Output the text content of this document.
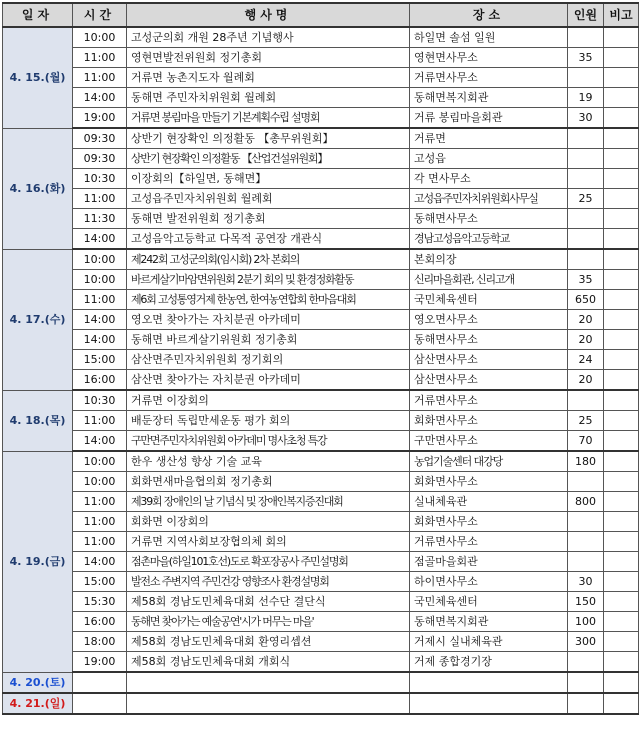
일자	시간	행사명	장소	인원	비고
4. 15.(월)	10:00	고성군의회 개원 28주년 기념행사	하일면 솔섬 일원		
	11:00	영현면발전위원회 정기총회	영현면사무소	35	
	11:00	거류면 농촌지도자 월례회	거류면사무소		
	14:00	동해면 주민자치위원회 월례회	동해면복지회관	19	
	19:00	거류면 봉림마을 만들기 기본계획수립 설명회	거류 봉림마을회관	30	
4. 16.(화)	09:30	상반기 현장확인 의정활동 【총무위원회】	거류면		
	09:30	상반기 현장확인 의정활동 【산업건설위원회】	고성읍		
	10:30	이장회의【하일면, 동해면】	각 면사무소		
	11:00	고성읍주민자치위원회 월례회	고성읍주민자치위원회사무실	25	
	11:30	동해면 발전위원회 정기총회	동해면사무소		
	14:00	고성음악고등학교 다목적 공연장 개관식	경남고성음악고등학교		
4. 17.(수)	10:00	제242회 고성군의회(임시회) 2차 본회의	본회의장		
	10:00	바르게살기마암면위원회 2분기 회의 및 환경정화활동	신리마을회관, 신리고개	35	
	11:00	제6회 고성통영거제 한농연, 한여농연합회 한마음대회	국민체육센터	650	
	14:00	영오면 찾아가는 자치분권 아카데미	영오면사무소	20	
	14:00	동해면 바르게살기위원회 정기총회	동해면사무소	20	
	15:00	삼산면주민자치위원회 정기회의	삼산면사무소	24	
	16:00	삼산면 찾아가는 자치분권 아카데미	삼산면사무소	20	
4. 18.(목)	10:30	거류면 이장회의	거류면사무소		
	11:00	배둔장터 독립만세운동 평가 회의	회화면사무소	25	
	14:00	구만면주민자치위원회 아카데미 명사초청 특강	구만면사무소	70	
4. 19.(금)	10:00	한우 생산성 향상 기술 교육	농업기술센터 대강당	180	
	10:00	회화면새마을협의회 정기총회	회화면사무소		
	11:00	제39회 장애인의 날 기념식 및 장애인복지증진대회	실내체육관	800	
	11:00	회화면 이장회의	회화면사무소		
	11:00	거류면 지역사회보장협의체 회의	거류면사무소		
	14:00	점촌마을(하일101호선)도로 확포장공사 주민설명회	점골마을회관		
	15:00	발전소 주변지역 주민건강 영향조사 환경설명회	하이면사무소	30	
	15:30	제58회 경남도민체육대회 선수단 결단식	국민체육센터	150	
	16:00	동해면 찾아가는 예술공연'시가 머무는 마을'	동해면복지회관	100	
	18:00	제58회 경남도민체육대회 환영리셉션	거제시 실내체육관	300	
	19:00	제58회 경남도민체육대회 개회식	거제 종합경기장		
4. 20.(토)					
4. 21.(일)					
